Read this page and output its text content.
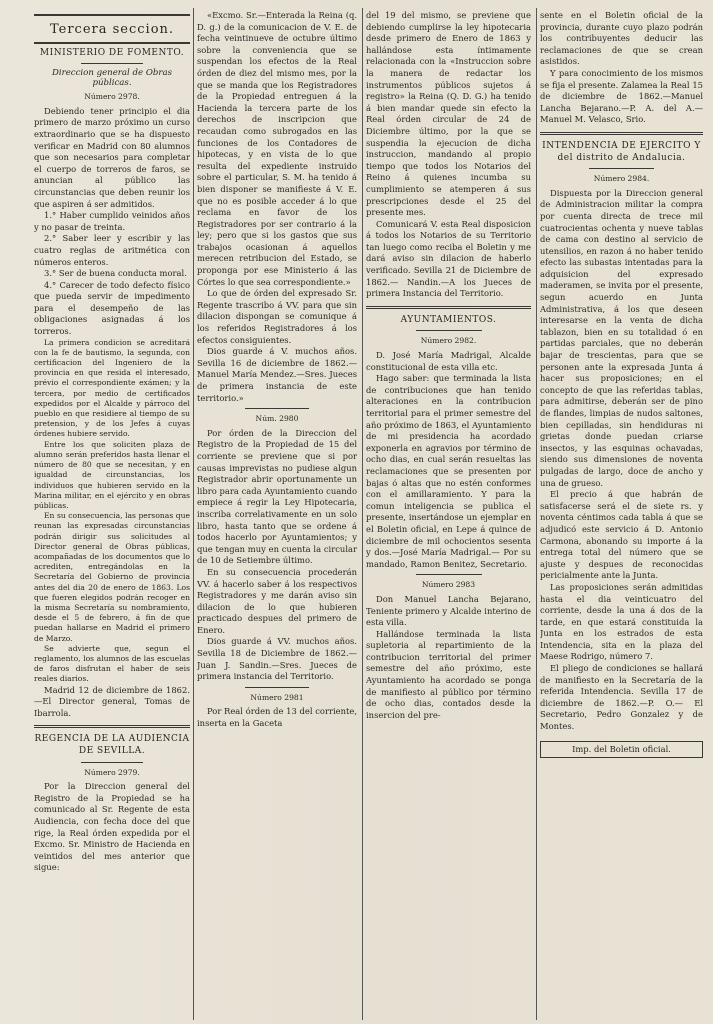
Tercera seccion.
MINISTERIO DE FOMENTO.
Direccion general de Obras públicas.
Número 2978.

Debiendo tener principio el dia primero de marzo próximo un curso extraordinario que se ha dispuesto verificar en Madrid con 80 alumnos que son necesarios para completar el cuerpo de torreros de faros, se anuncian al público las circunstancias que deben reunir los que aspiren á ser admitidos.

1.° Haber cumplido veinidos años y no pasar de treinta.

2.° Saber leer y escribir y las cuatro reglas de aritmética con números enteros.

3.° Ser de buena conducta moral.

4.° Carecer de todo defecto físico que pueda servir de impedimento para el desempeño de las obligaciones asignadas á los torreros.

La primera condicion se acreditará con la fe de bautismo, la segunda, con certificacion del Ingeniero de la provincia en que resida el interesado, prévio el correspondiente exámen; y la tercera, por medio de certificados expedidos por el Alcalde y párroco del pueblo en que residiere al tiempo de su pretension, y de los Jefes á cuyas órdenes hubiere servido.

Entre los que soliciten plaza de alumno serán preferidos hasta llenar el número de 80 que se necesitan, y en igualdad de circunstancias, los individuos que hubieren servido en la Marina militar, en el ejército y en obras públicas.

En su consecuencia, las personas que reunan las expresadas circunstancias podrán dirigir sus solicitudes al Director general de Obras públicas, acompañadas de los documentos que lo acrediten, entregándolas en la Secretaría del Gobierno de provincia antes del dia 20 de enero de 1863. Los que fueren elegidos podrán recoger en la misma Secretaría su nombramiento, desde el 5 de febrero, á fin de que puedan hallarse en Madrid el primero de Marzo.

Se advierte que, segun el reglamento, los alumnos de las escuelas de faros disfrutan el haber de seis reales diarios.

Madrid 12 de diciembre de 1862. —El Director general, Tomas de Ibarrola.

REGENCIA DE LA AUDIENCIA DE SEVILLA.
Número 2979.

Por la Direccion general del Registro de la Propiedad se ha comunicado al Sr. Regente de esta Audiencia, con fecha doce del que rige, la Real órden expedida por el Excmo. Sr. Ministro de Hacienda en veintidos del mes anterior que sigue:

«Excmo. Sr.—Enterada la Reina (q. D. g.) de la comunicacion de V. E. de fecha veintinueve de octubre último sobre la conveniencia que se suspendan los efectos de la Real órden de diez del mismo mes, por la que se manda que los Registradores de la Propiedad entreguen á la Hacienda la tercera parte de los derechos de inscripcion que recaudan como subrogados en las funciones de los Contadores de hipotecas, y en vista de lo que resulta del expediente instruido sobre el particular, S. M. ha tenido á bien disponer se manifieste á V. E. que no es posible acceder á lo que reclama en favor de los Registradores por ser contrario á la ley; pero que si los gastos que sus trabajos ocasionan á aquellos merecen retribucion del Estado, se proponga por ese Ministerio á las Córtes lo que sea correspondiente.»

Lo que de órden del expresado Sr. Regente trascribo á VV. para que sin dilacion dispongan se comunique á los referidos Registradores á los efectos consiguientes.

Dios guarde á V. muchos años. Sevilla 16 de diciembre de 1862.—Manuel María Mendez.—Sres. Jueces de primera instancia de este territorio.»

Núm. 2980

Por órden de la Direccion del Registro de la Propiedad de 15 del corriente se previene que si por causas imprevistas no pudiese algun Registrador abrir oportunamente un libro para cada Ayuntamiento cuando empiece á regir la Ley Hipotecaria, inscriba correlativamente en un solo libro, hasta tanto que se ordene á todos hacerlo por Ayuntamientos; y que tengan muy en cuenta la circular de 10 de Setiembre último.

En su consecuencia procederán VV. á hacerlo saber á los respectivos Registradores y me darán aviso sin dilacion de lo que hubieren practicado despues del primero de Enero.

Dios guarde á VV. muchos años. Sevilla 18 de Diciembre de 1862.—Juan J. Sandin.—Sres. Jueces de primera instancia del Territorio.

Número 2981

Por Real órden de 13 del corriente, inserta en la Gaceta

del 19 del mismo, se previene que debiendo cumplirse la ley hipotecaria desde primero de Enero de 1863 y hallándose esta íntimamente relacionada con la «Instruccion sobre la manera de redactar los instrumentos públicos sujetos á registro» la Reina (Q. D. G.) ha tenido á bien mandar quede sin efecto la Real órden circular de 24 de Diciembre último, por la que se suspendia la ejecucion de dicha instruccion, mandando al propio tiempo que todos los Notarios del Reino á quienes incumba su cumplimiento se atemperen á sus prescripciones desde el 25 del presente mes.

Comunicará V. esta Real disposicion á todos los Notarios de su Territorio tan luego como reciba el Boletin y me dará aviso sin dilacion de haberlo verificado. Sevilla 21 de Diciembre de 1862.— Nandin.—A los Jueces de primera Instancia del Territorio.

AYUNTAMIENTOS.
Número 2982.

D. José María Madrigal, Alcalde constitucional de esta villa etc.

Hago saber: que terminada la lista de contribuciones que han tenido alteraciones en la contribucion territorial para el primer semestre del año próximo de 1863, el Ayuntamiento de mi presidencia ha acordado exponerla en agravios por término de ocho dias, en cual serán resueltas las reclamaciones que se presenten por bajas ó altas que no estén conformes con el amillaramiento. Y para la comun inteligencia se publica el presente, insertándose un ejemplar en el Boletin oficial, en Lepe á quince de diciembre de mil ochocientos sesenta y dos.—José María Madrigal.— Por su mandado, Ramon Benitez, Secretario.

Número 2983

Don Manuel Lancha Bejarano, Teniente primero y Alcalde interino de esta villa.

Hallándose terminada la lista supletoria al repartimiento de la contribucion territorial del primer semestre del año próximo, este Ayuntamiento ha acordado se ponga de manifiesto al público por término de ocho dias, contados desde la insercion del pre-

sente en el Boletin oficial de la provincia, durante cuyo plazo podrán los contribuyentes deducir las reclamaciones de que se crean asistidos.

Y para conocimiento de los mismos se fija el presente. Zalamea la Real 15 de diciembre de 1862.—Manuel Lancha Bejarano.—P. A. del A.— Manuel M. Velasco, Srio.

INTENDENCIA DE EJERCITO Y del distrito de Andalucia.
Número 2984.

Dispuesta por la Direccion general de Administracion militar la compra por cuenta directa de trece mil cuatrocientas ochenta y nueve tablas de cama con destino al servicio de utensilios, en razon á no haber tenido efecto las subastas intentadas para la adquisicion del expresado maderamen, se invita por el presente, segun acuerdo en Junta Administrativa, á los que deseen interesarse en la venta de dicha tablazon, bien en su totalidad ó en partidas parciales, que no deberán bajar de trescientas, para que se personen ante la expresada Junta á hacer sus proposiciones; en el concepto de que las referidas tablas, para admitirse, deberán ser de pino de flandes, limpias de nudos saltones, bien cepilladas, sin hendiduras ni grietas donde puedan criarse insectos, y las esquinas ochavadas, siendo sus dimensiones de noventa pulgadas de largo, doce de ancho y una de grueso.

El precio á que habrán de satisfacerse será el de siete rs. y noventa céntimos cada tabla á que se adjudicó este servicio á D. Antonio Carmona, abonando su importe á la entrega total del número que se ajuste y despues de reconocidas pericialmente ante la Junta.

Las proposiciones serán admitidas hasta el dia veinticuatro del corriente, desde la una á dos de la tarde, en que estará constituida la Junta en los estrados de esta Intendencia, sita en la plaza del Maese Rodrigo, número 7.

El pliego de condiciones se hallará de manifiesto en la Secretaría de la referida Intendencia. Sevilla 17 de diciembre de 1862.—P. O.— El Secretario, Pedro Gonzalez y de Montes.

Imp. del Boletin oficial.
